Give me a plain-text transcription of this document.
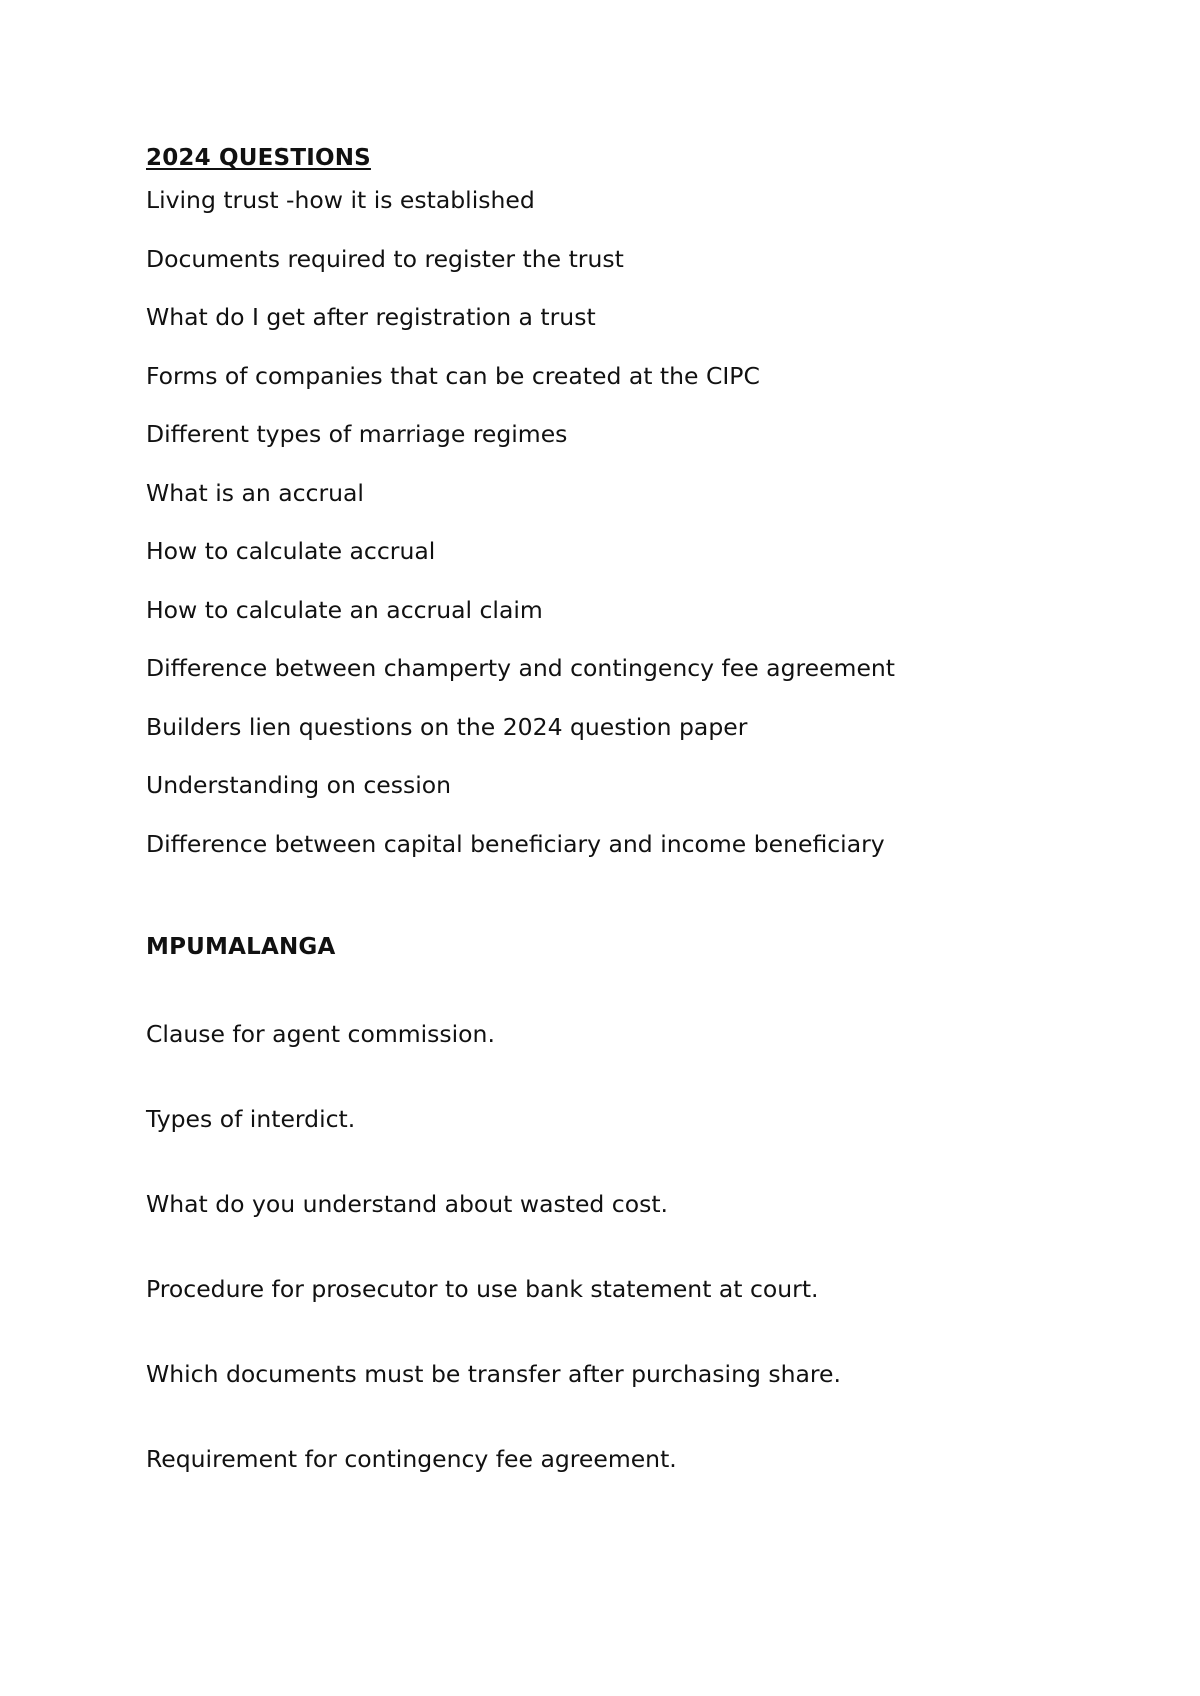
2024 QUESTIONS
Living trust -how it is established
Documents required to register the trust
What do I get after registration a trust
Forms of companies that can be created at the CIPC
Different types of marriage regimes
What is an accrual
How to calculate accrual
How to calculate an accrual claim
Difference between champerty and contingency fee agreement
Builders lien questions on the 2024 question paper
Understanding on cession
Difference between capital beneficiary and income beneficiary
MPUMALANGA
Clause for agent commission.
Types of interdict.
What do you understand about wasted cost.
Procedure for prosecutor to use bank statement at court.
Which documents must be transfer after purchasing share.
Requirement for contingency fee agreement.
